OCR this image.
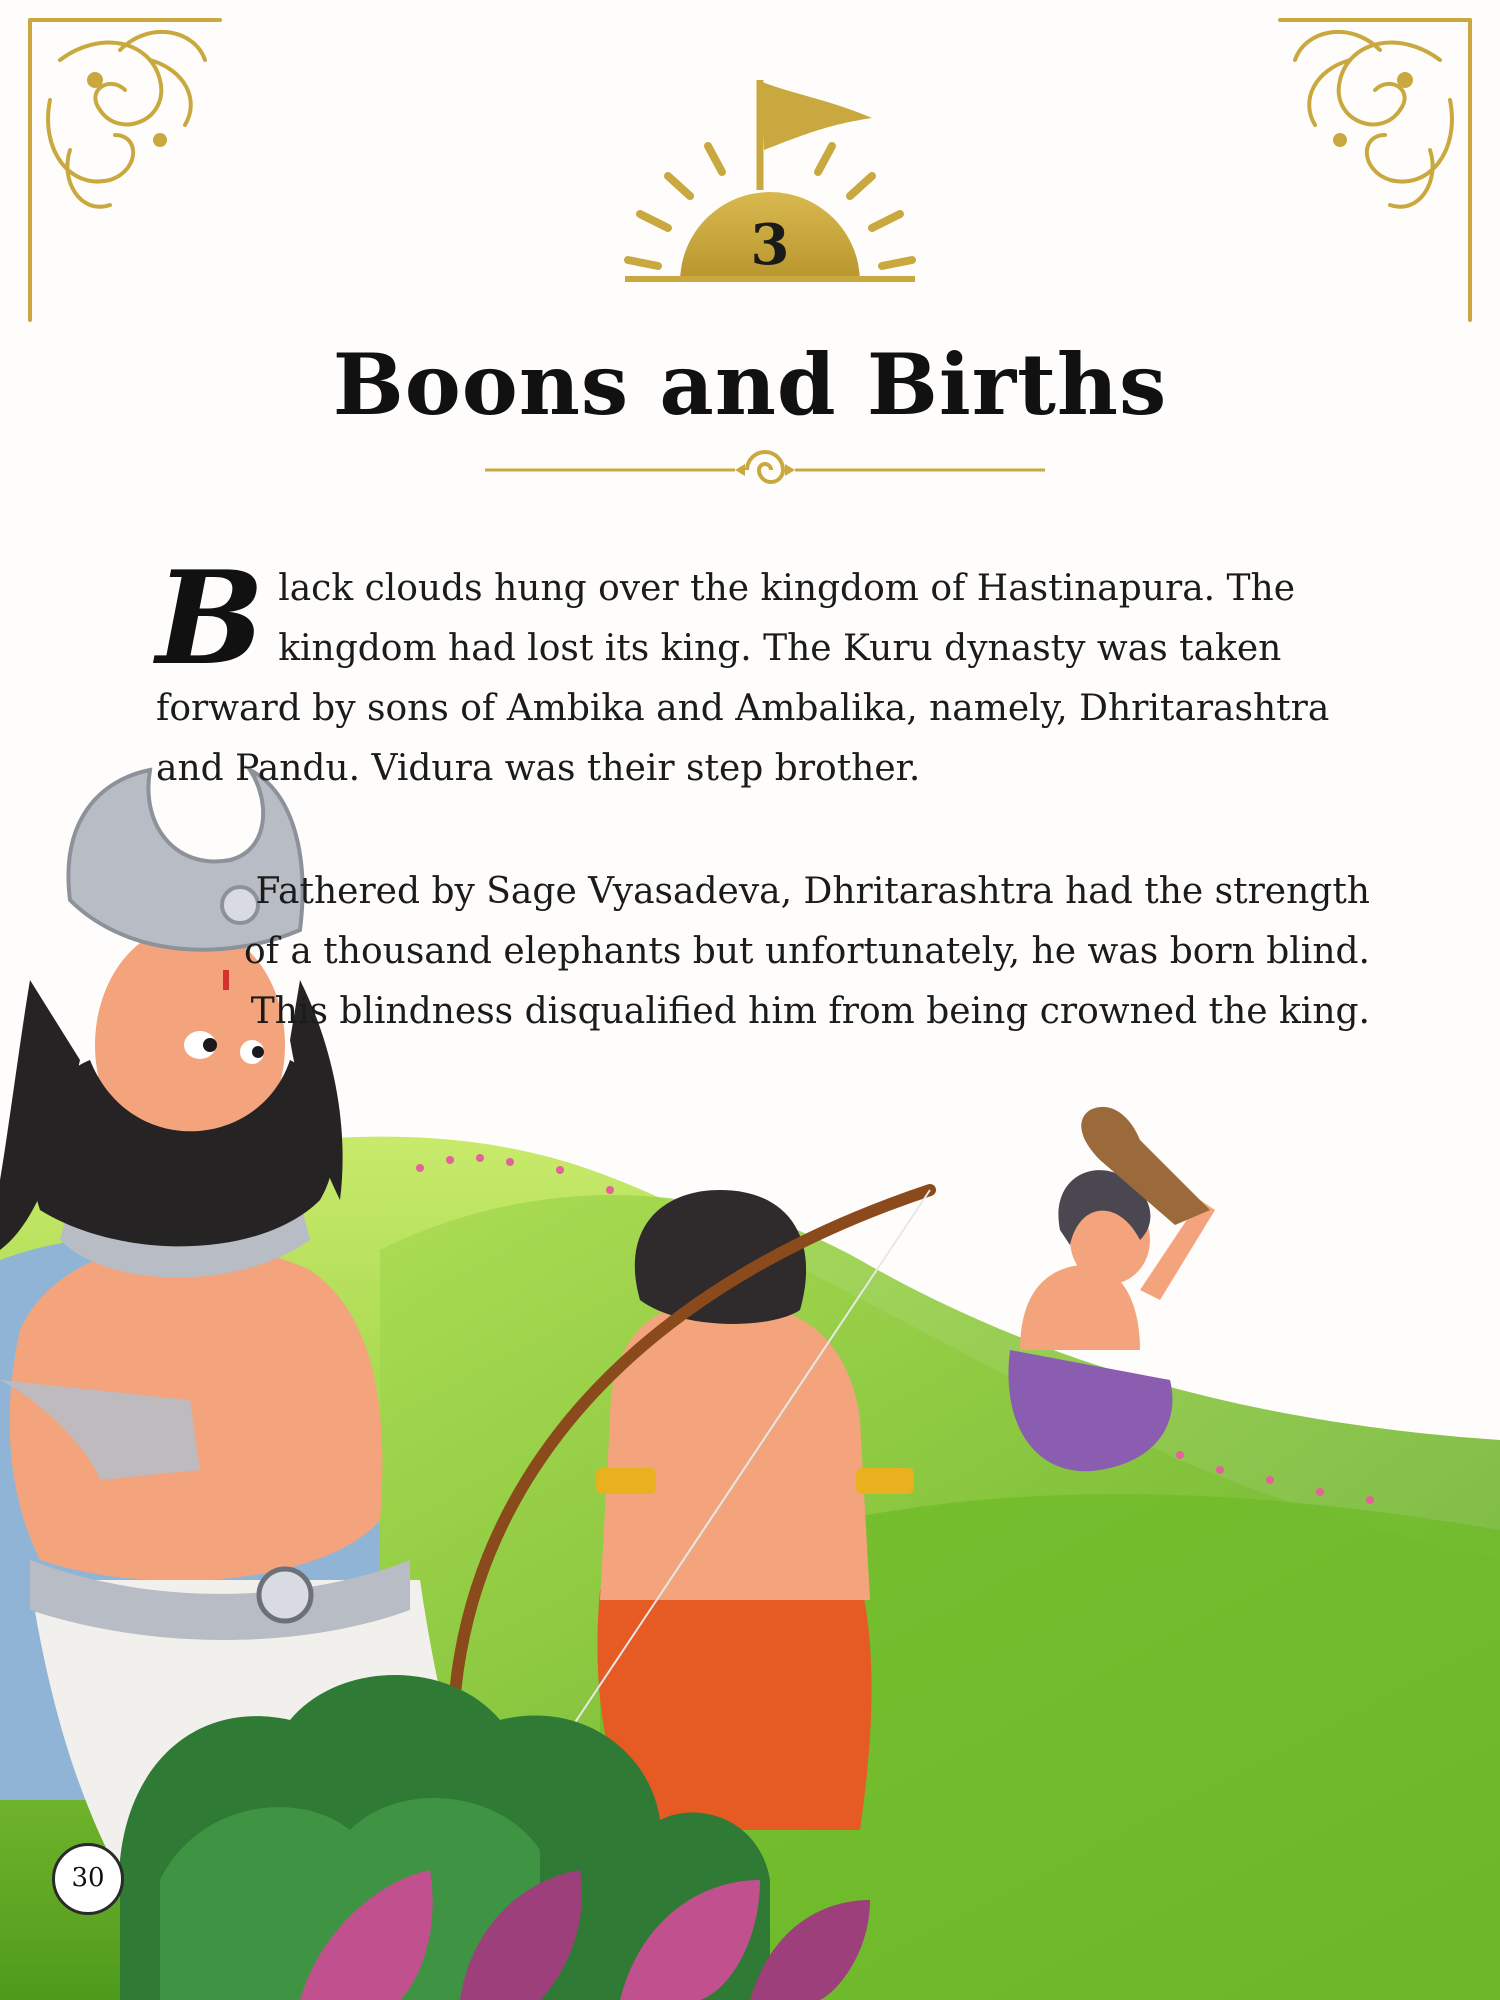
3
Boons and Births

Black clouds hung over the kingdom of Hastinapura. The kingdom had lost its king. The Kuru dynasty was taken forward by sons of Ambika and Ambalika, namely, Dhritarashtra and Pandu. Vidura was their step brother.

Fathered by Sage Vyasadeva, Dhritarashtra had the strength of a thousand elephants but unfortunately, he was born blind. This blindness disqualified him from being crowned the king.

30
